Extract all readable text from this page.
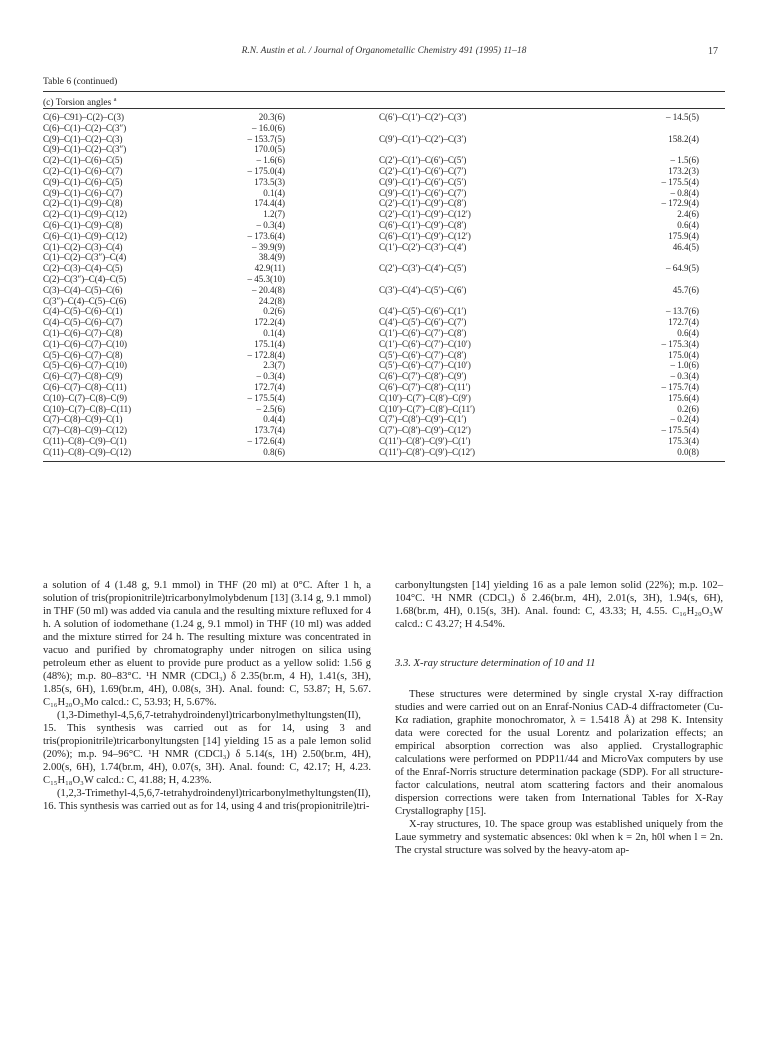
R.N. Austin et al. / Journal of Organometallic Chemistry 491 (1995) 11–18	17
Table 6 (continued)
(c) Torsion angles $^a$
C(6)–C91)–C(2)–C(3)	20.3(6)	C(6′)–C(1′)–C(2′)–C(3′)	– 14.5(5)
C(6)–C(1)–C(2)–C(3″)	– 16.0(6)
C(9)–C(1)–C(2)–C(3)	– 153.7(5)	C(9′)–C(1′)–C(2′)–C(3′)	158.2(4)
C(9)–C(1)–C(2)–C(3″)	170.0(5)
C(2)–C(1)–C(6)–C(5)	– 1.6(6)	C(2′)–C(1′)–C(6′)–C(5′)	– 1.5(6)
C(2)–C(1)–C(6)–C(7)	– 175.0(4)	C(2′)–C(1′)–C(6′)–C(7′)	173.2(3)
C(9)–C(1)–C(6)–C(5)	173.5(3)	C(9′)–C(1′)–C(6′)–C(5′)	– 175.5(4)
C(9)–C(1)–C(6)–C(7)	0.1(4)	C(9′)–C(1′)–C(6′)–C(7′)	– 0.8(4)
C(2)–C(1)–C(9)–C(8)	174.4(4)	C(2′)–C(1′)–C(9′)–C(8′)	– 172.9(4)
C(2)–C(1)–C(9)–C(12)	1.2(7)	C(2′)–C(1′)–C(9′)–C(12′)	2.4(6)
C(6)–C(1)–C(9)–C(8)	– 0.3(4)	C(6′)–C(1′)–C(9′)–C(8′)	0.6(4)
C(6)–C(1)–C(9)–C(12)	– 173.6(4)	C(6′)–C(1′)–C(9′)–C(12′)	175.9(4)
C(1)–C(2)–C(3)–C(4)	– 39.9(9)	C(1′)–C(2′)–C(3′)–C(4′)	46.4(5)
C(1)–C(2)–C(3″)–C(4)	38.4(9)
C(2)–C(3)–C(4)–C(5)	42.9(11)	C(2′)–C(3′)–C(4′)–C(5′)	– 64.9(5)
C(2)–C(3″)–C(4)–C(5)	– 45.3(10)
C(3)–C(4)–C(5)–C(6)	– 20.4(8)	C(3′)–C(4′)–C(5′)–C(6′)	45.7(6)
C(3″)–C(4)–C(5)–C(6)	24.2(8)
C(4)–C(5)–C(6)–C(1)	0.2(6)	C(4′)–C(5′)–C(6′)–C(1′)	– 13.7(6)
C(4)–C(5)–C(6)–C(7)	172.2(4)	C(4′)–C(5′)–C(6′)–C(7′)	172.7(4)
C(1)–C(6)–C(7)–C(8)	0.1(4)	C(1′)–C(6′)–C(7′)–C(8′)	0.6(4)
C(1)–C(6)–C(7)–C(10)	175.1(4)	C(1′)–C(6′)–C(7′)–C(10′)	– 175.3(4)
C(5)–C(6)–C(7)–C(8)	– 172.8(4)	C(5′)–C(6′)–C(7′)–C(8′)	175.0(4)
C(5)–C(6)–C(7)–C(10)	2.3(7)	C(5′)–C(6′)–C(7′)–C(10′)	– 1.0(6)
C(6)–C(7)–C(8)–C(9)	– 0.3(4)	C(6′)–C(7′)–C(8′)–C(9′)	– 0.3(4)
C(6)–C(7)–C(8)–C(11)	172.7(4)	C(6′)–C(7′)–C(8′)–C(11′)	– 175.7(4)
C(10)–C(7)–C(8)–C(9)	– 175.5(4)	C(10′)–C(7′)–C(8′)–C(9′)	175.6(4)
C(10)–C(7)–C(8)–C(11)	– 2.5(6)	C(10′)–C(7′)–C(8′)–C(11′)	0.2(6)
C(7)–C(8)–C(9)–C(1)	0.4(4)	C(7′)–C(8′)–C(9′)–C(1′)	– 0.2(4)
C(7)–C(8)–C(9)–C(12)	173.7(4)	C(7′)–C(8′)–C(9′)–C(12′)	– 175.5(4)
C(11)–C(8)–C(9)–C(1)	– 172.6(4)	C(11′)–C(8′)–C(9′)–C(1′)	175.3(4)
C(11)–C(8)–C(9)–C(12)	0.8(6)	C(11′)–C(8′)–C(9′)–C(12′)	0.0(8)

a solution of 4 (1.48 g, 9.1 mmol) in THF (20 ml) at 0°C. After 1 h, a solution of tris(propionitrile)tricarbonylmolybdenum [13] (3.14 g, 9.1 mmol) in THF (50 ml) was added via canula and the resulting mixture refluxed for 4 h. A solution of iodomethane (1.24 g, 9.1 mmol) in THF (10 ml) was added and the mixture stirred for 24 h. The resulting mixture was concentrated in vacuo and purified by chromatography under nitrogen on silica using petroleum ether as eluent to provide pure product as a yellow solid: 1.56 g (48%); m.p. 80–83°C. ¹H NMR (CDCl₃) δ 2.35(br.m, 4 H), 1.41(s, 3H), 1.85(s, 6H), 1.69(br.m, 4H), 0.08(s, 3H). Anal. found: C, 53.87; H, 5.67. C₁₆H₂₀O₃Mo calcd.: C, 53.93; H, 5.67%.

(1,3-Dimethyl-4,5,6,7-tetrahydroindenyl)tricarbonylmethyltungsten(II), 15. This synthesis was carried out as for 14, using 3 and tris(propionitrile)tricarbonyltungsten [14] yielding 15 as a pale lemon solid (20%); m.p. 94–96°C. ¹H NMR (CDCl₃) δ 5.14(s, 1H) 2.50(br.m, 4H), 2.00(s, 6H), 1.74(br.m, 4H), 0.07(s, 3H). Anal. found: C, 42.17; H, 4.23. C₁₅H₁₈O₃W calcd.: C, 41.88; H, 4.23%.

(1,2,3-Trimethyl-4,5,6,7-tetrahydroindenyl)tricarbonylmethyltungsten(II), 16. This synthesis was carried out as for 14, using 4 and tris(propionitrile)tri-

carbonyltungsten [14] yielding 16 as a pale lemon solid (22%); m.p. 102–104°C. ¹H NMR (CDCl₃) δ 2.46(br.m, 4H), 2.01(s, 3H), 1.94(s, 6H), 1.68(br.m, 4H), 0.15(s, 3H). Anal. found: C, 43.33; H, 4.55. C₁₆H₂₀O₃W calcd.: C 43.27; H 4.54%.

3.3. X-ray structure determination of 10 and 11

These structures were determined by single crystal X-ray diffraction studies and were carried out on an Enraf-Nonius CAD-4 diffractometer (Cu-Kα radiation, graphite monochromator, λ = 1.5418 Å) at 298 K. Intensity data were corected for the usual Lorentz and polarization effects; an empirical absorption correction was also applied. Crystallographic calculations were performed on PDP11/44 and MicroVax computers by use of the Enraf-Norris structure determination package (SDP). For all structure-factor calculations, neutral atom scattering factors and their anomalous dispersion corrections were taken from International Tables for X-Ray Crystallography [15].

X-ray structures, 10. The space group was established uniquely from the Laue symmetry and systematic absences: 0kl when k = 2n, h0l when l = 2n. The crystal structure was solved by the heavy-atom ap-
